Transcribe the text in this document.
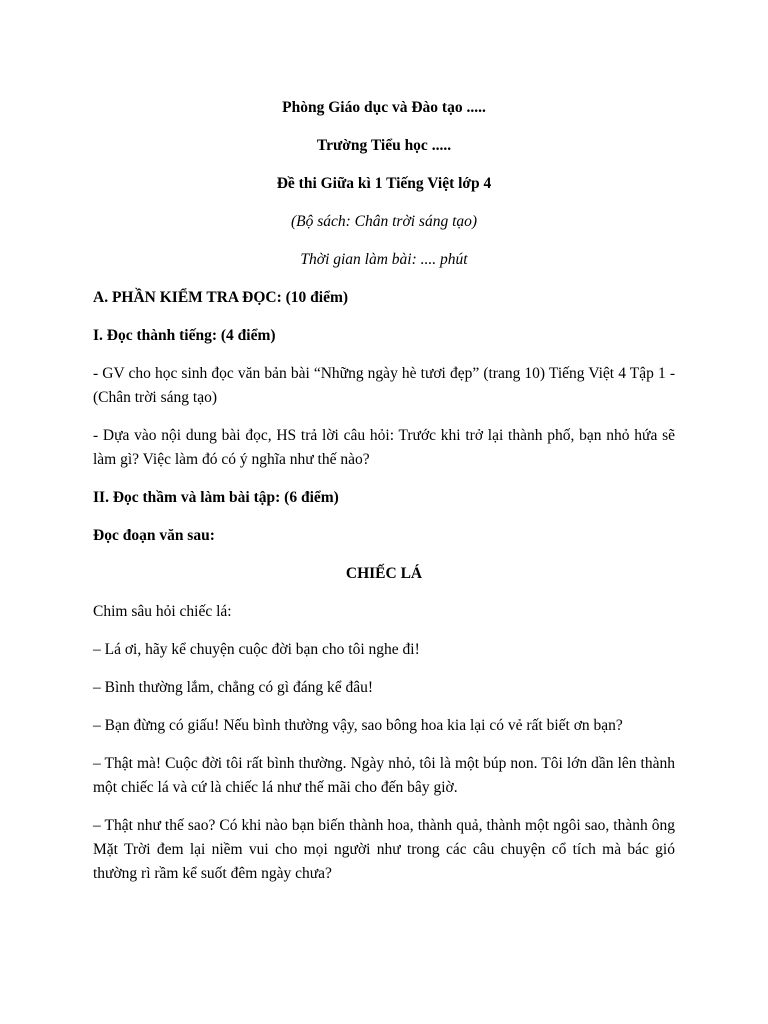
Phòng Giáo dục và Đào tạo .....

Trường Tiểu học .....

Đề thi Giữa kì 1 Tiếng Việt lớp 4

(Bộ sách: Chân trời sáng tạo)

Thời gian làm bài: .... phút

A. PHẦN KIỂM TRA ĐỌC: (10 điểm)

I. Đọc thành tiếng: (4 điểm)

- GV cho học sinh đọc văn bản bài “Những ngày hè tươi đẹp” (trang 10) Tiếng Việt 4 Tập 1 - (Chân trời sáng tạo)

- Dựa vào nội dung bài đọc, HS trả lời câu hỏi: Trước khi trở lại thành phố, bạn nhỏ hứa sẽ làm gì? Việc làm đó có ý nghĩa như thế nào?

II. Đọc thầm và làm bài tập: (6 điểm)

Đọc đoạn văn sau:

CHIẾC LÁ

Chim sâu hỏi chiếc lá:

– Lá ơi, hãy kể chuyện cuộc đời bạn cho tôi nghe đi!

– Bình thường lắm, chẳng có gì đáng kể đâu!

– Bạn đừng có giấu! Nếu bình thường vậy, sao bông hoa kia lại có vẻ rất biết ơn bạn?

– Thật mà! Cuộc đời tôi rất bình thường. Ngày nhỏ, tôi là một búp non. Tôi lớn dần lên thành một chiếc lá và cứ là chiếc lá như thế mãi cho đến bây giờ.

– Thật như thế sao? Có khi nào bạn biến thành hoa, thành quả, thành một ngôi sao, thành ông Mặt Trời đem lại niềm vui cho mọi người như trong các câu chuyện cổ tích mà bác gió thường rì rầm kể suốt đêm ngày chưa?
